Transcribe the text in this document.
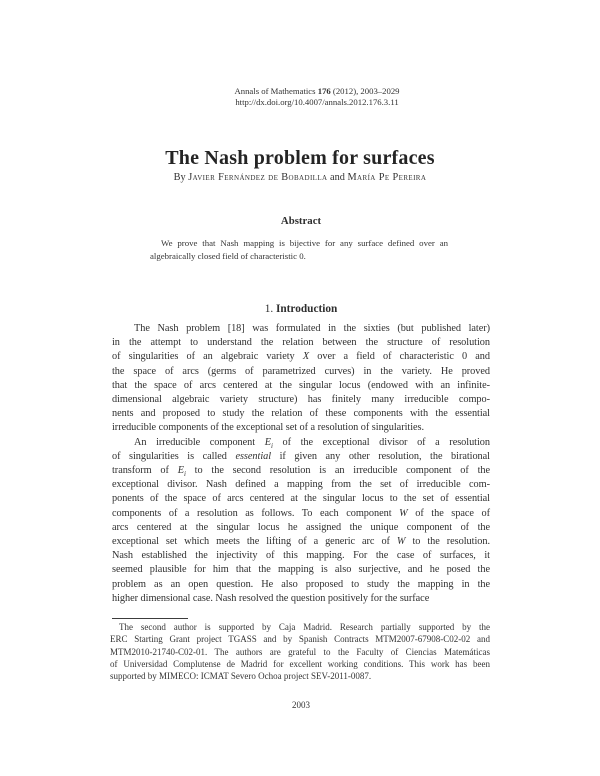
Annals of Mathematics 176 (2012), 2003–2029
http://dx.doi.org/10.4007/annals.2012.176.3.11
The Nash problem for surfaces
By Javier Fernández de Bobadilla and María Pe Pereira
Abstract
We prove that Nash mapping is bijective for any surface defined over an
algebraically closed field of characteristic 0.
1. Introduction
The Nash problem [18] was formulated in the sixties (but published later)
in the attempt to understand the relation between the structure of resolution
of singularities of an algebraic variety X over a field of characteristic 0 and
the space of arcs (germs of parametrized curves) in the variety. He proved
that the space of arcs centered at the singular locus (endowed with an infinite-
dimensional algebraic variety structure) has finitely many irreducible compo-
nents and proposed to study the relation of these components with the essential
irreducible components of the exceptional set of a resolution of singularities.
An irreducible component $E_i$ of the exceptional divisor of a resolution
of singularities is called essential if given any other resolution, the birational
transform of $E_i$ to the second resolution is an irreducible component of the
exceptional divisor. Nash defined a mapping from the set of irreducible com-
ponents of the space of arcs centered at the singular locus to the set of essential
components of a resolution as follows. To each component W of the space of
arcs centered at the singular locus he assigned the unique component of the
exceptional set which meets the lifting of a generic arc of W to the resolution.
Nash established the injectivity of this mapping. For the case of surfaces, it
seemed plausible for him that the mapping is also surjective, and he posed the
problem as an open question. He also proposed to study the mapping in the
higher dimensional case. Nash resolved the question positively for the surface
The second author is supported by Caja Madrid. Research partially supported by the
ERC Starting Grant project TGASS and by Spanish Contracts MTM2007-67908-C02-02 and
MTM2010-21740-C02-01. The authors are grateful to the Faculty of Ciencias Matemáticas
of Universidad Complutense de Madrid for excellent working conditions. This work has been
supported by MIMECO: ICMAT Severo Ochoa project SEV-2011-0087.
2003
